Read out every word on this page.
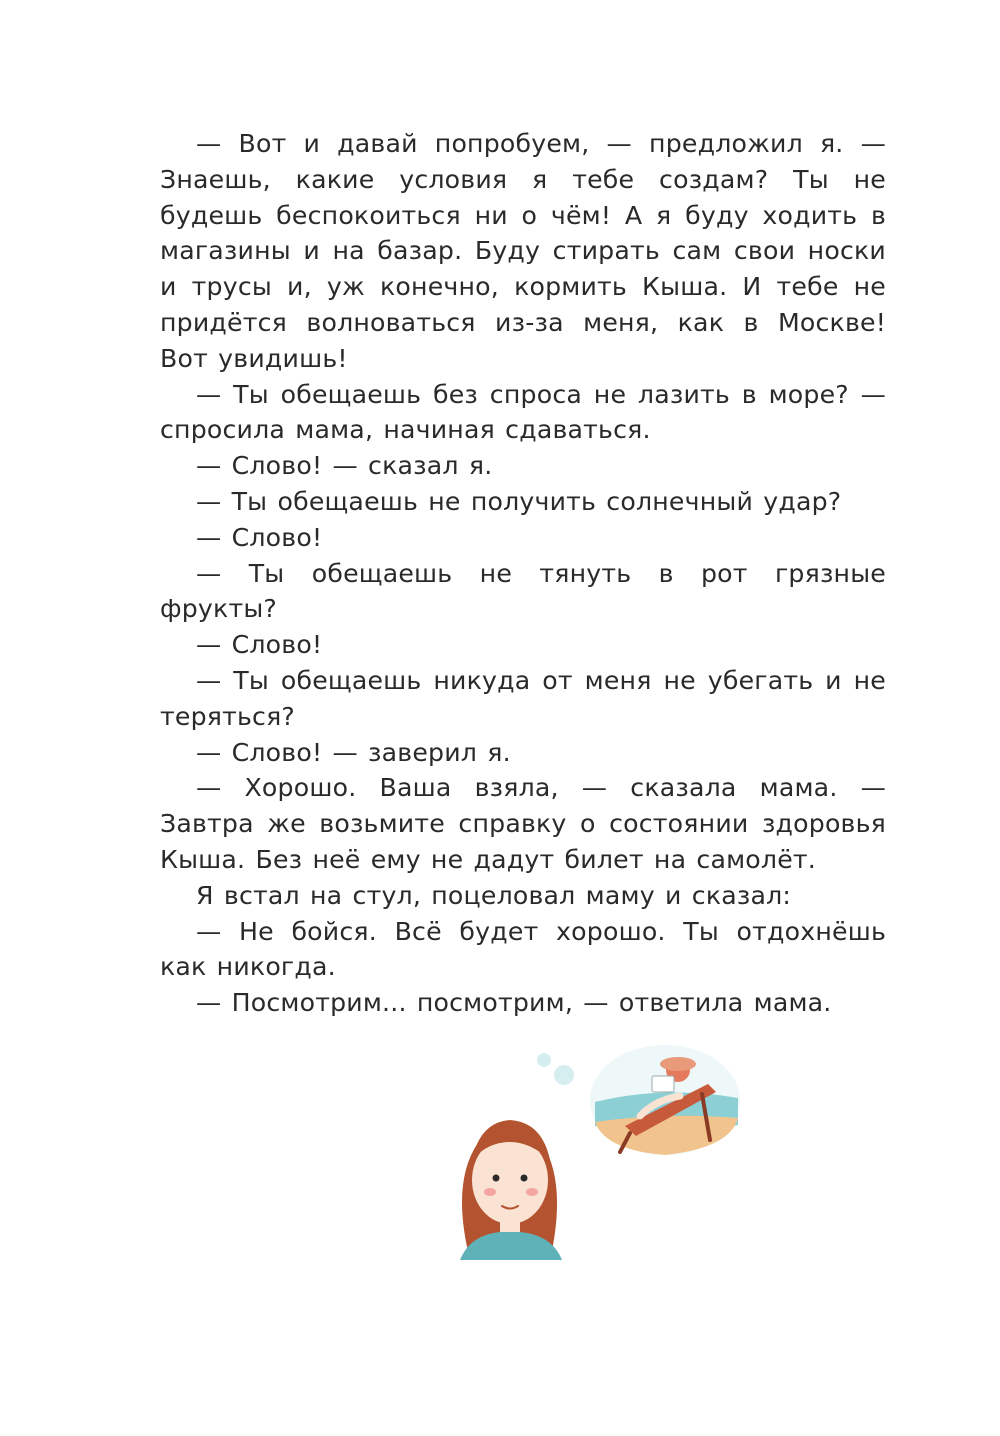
— Вот и давай попробуем, — предложил я. — Знаешь, какие условия я тебе создам? Ты не будешь беспокоиться ни о чём! А я буду ходить в магазины и на базар. Буду стирать сам свои носки и трусы и, уж конечно, кормить Кыша. И тебе не придётся волноваться из-за меня, как в Москве! Вот увидишь!

— Ты обещаешь без спроса не лазить в море? — спросила мама, начиная сдаваться.

— Слово! — сказал я.

— Ты обещаешь не получить солнечный удар?

— Слово!

— Ты обещаешь не тянуть в рот грязные фрукты?

— Слово!

— Ты обещаешь никуда от меня не убегать и не теряться?

— Слово! — заверил я.

— Хорошо. Ваша взяла, — сказала мама. — Завтра же возьмите справку о состоянии здоровья Кыша. Без неё ему не дадут билет на самолёт.

Я встал на стул, поцеловал маму и сказал:

— Не бойся. Всё будет хорошо. Ты отдохнёшь как никогда.

— Посмотрим... посмотрим, — ответила мама.
